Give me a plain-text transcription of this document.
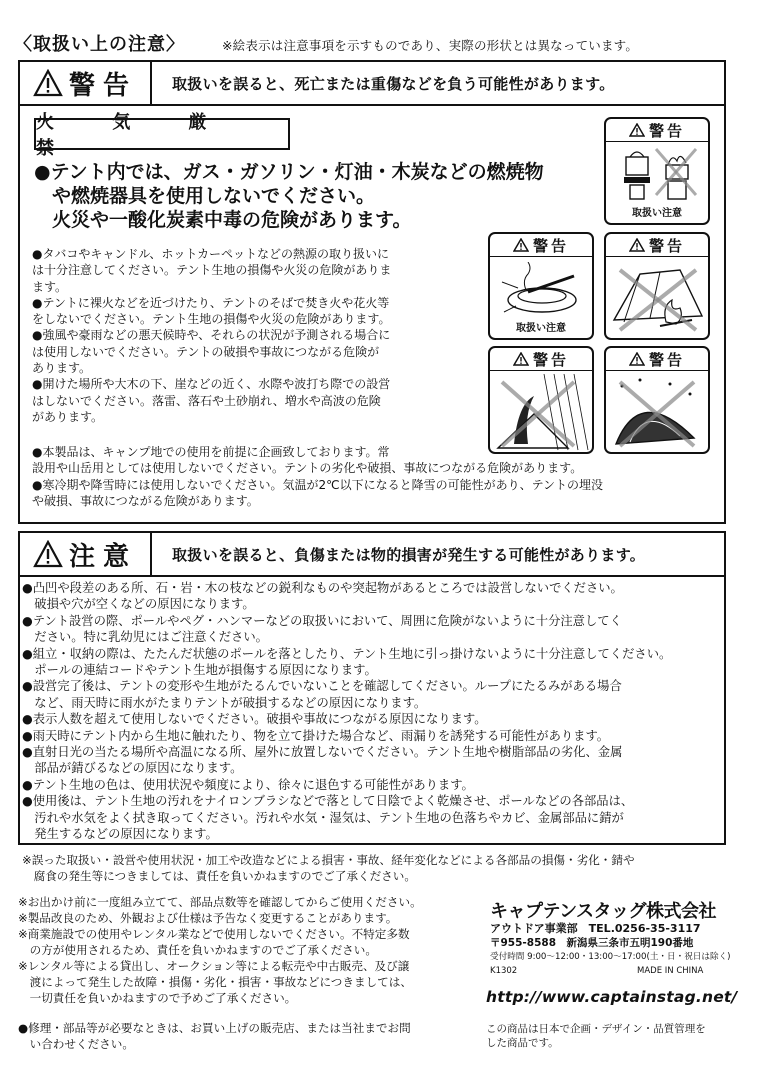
〈取扱い上の注意〉	※絵表示は注意事項を示すものであり、実際の形状とは異なっています。
警告	取扱いを誤ると、死亡または重傷などを負う可能性があります。
火 気 厳 禁
●テント内では、ガス・ガソリン・灯油・木炭などの燃焼物
や燃焼器具を使用しないでください。
火災や一酸化炭素中毒の危険があります。
●タバコやキャンドル、ホットカーペットなどの熱源の取り扱いに
は十分注意してください。テント生地の損傷や火災の危険がありま
ます。
●テントに裸火などを近づけたり、テントのそばで焚き火や花火等
をしないでください。テント生地の損傷や火災の危険があります。
●強風や豪雨などの悪天候時や、それらの状況が予測される場合に
は使用しないでください。テントの破損や事故につながる危険が
あります。
●開けた場所や大木の下、崖などの近く、水際や波打ち際での設営
はしないでください。落雷、落石や土砂崩れ、増水や高波の危険
があります。
●本製品は、キャンプ地での使用を前提に企画致しております。常
設用や山岳用としては使用しないでください。テントの劣化や破損、事故につながる危険があります。
●寒冷期や降雪時には使用しないでください。気温が2℃以下になると降雪の可能性があり、テントの埋没
や破損、事故につながる危険があります。
警告
取扱い注意
警告
取扱い注意
警告
警告	警告
注意	取扱いを誤ると、負傷または物的損害が発生する可能性があります。
●凸凹や段差のある所、石・岩・木の枝などの鋭利なものや突起物があるところでは設営しないでください。
　破損や穴が空くなどの原因になります。
●テント設営の際、ポールやペグ・ハンマーなどの取扱いにおいて、周囲に危険がないように十分注意してく
　ださい。特に乳幼児にはご注意ください。
●組立・収納の際は、たたんだ状態のポールを落としたり、テント生地に引っ掛けないように十分注意してください。
　ポールの連結コードやテント生地が損傷する原因になります。
●設営完了後は、テントの変形や生地がたるんでいないことを確認してください。ループにたるみがある場合
　など、雨天時に雨水がたまりテントが破損するなどの原因になります。
●表示人数を超えて使用しないでください。破損や事故につながる原因になります。
●雨天時にテント内から生地に触れたり、物を立て掛けた場合など、雨漏りを誘発する可能性があります。
●直射日光の当たる場所や高温になる所、屋外に放置しないでください。テント生地や樹脂部品の劣化、金属
　部品が錆びるなどの原因になります。
●テント生地の色は、使用状況や頻度により、徐々に退色する可能性があります。
●使用後は、テント生地の汚れをナイロンブラシなどで落として日陰でよく乾燥させ、ポールなどの各部品は、
　汚れや水気をよく拭き取ってください。汚れや水気・湿気は、テント生地の色落ちやカビ、金属部品に錆が
　発生するなどの原因になります。
※誤った取扱い・設営や使用状況・加工や改造などによる損害・事故、経年変化などによる各部品の損傷・劣化・錆や
　腐食の発生等につきましては、責任を負いかねますのでご了承ください。
※お出かけ前に一度組み立てて、部品点数等を確認してからご使用ください。
※製品改良のため、外観および仕様は予告なく変更することがあります。
※商業施設での使用やレンタル業などで使用しないでください。不特定多数
　の方が使用されるため、責任を負いかねますのでご了承ください。
※レンタル等による貸出し、オークション等による転売や中古販売、及び譲
　渡によって発生した故障・損傷・劣化・損害・事故などにつきましては、
　一切責任を負いかねますので予めご了承ください。
●修理・部品等が必要なときは、お買い上げの販売店、または当社までお問
　い合わせください。
キャプテンスタッグ株式会社
アウトドア事業部　TEL.0256-35-3117
〒955-8588　新潟県三条市五明190番地
受付時間 9:00～12:00・13:00～17:00(土・日・祝日は除く)
K1302	MADE IN CHINA
http://www.captainstag.net/
この商品は日本で企画・デザイン・品質管理を
した商品です。
